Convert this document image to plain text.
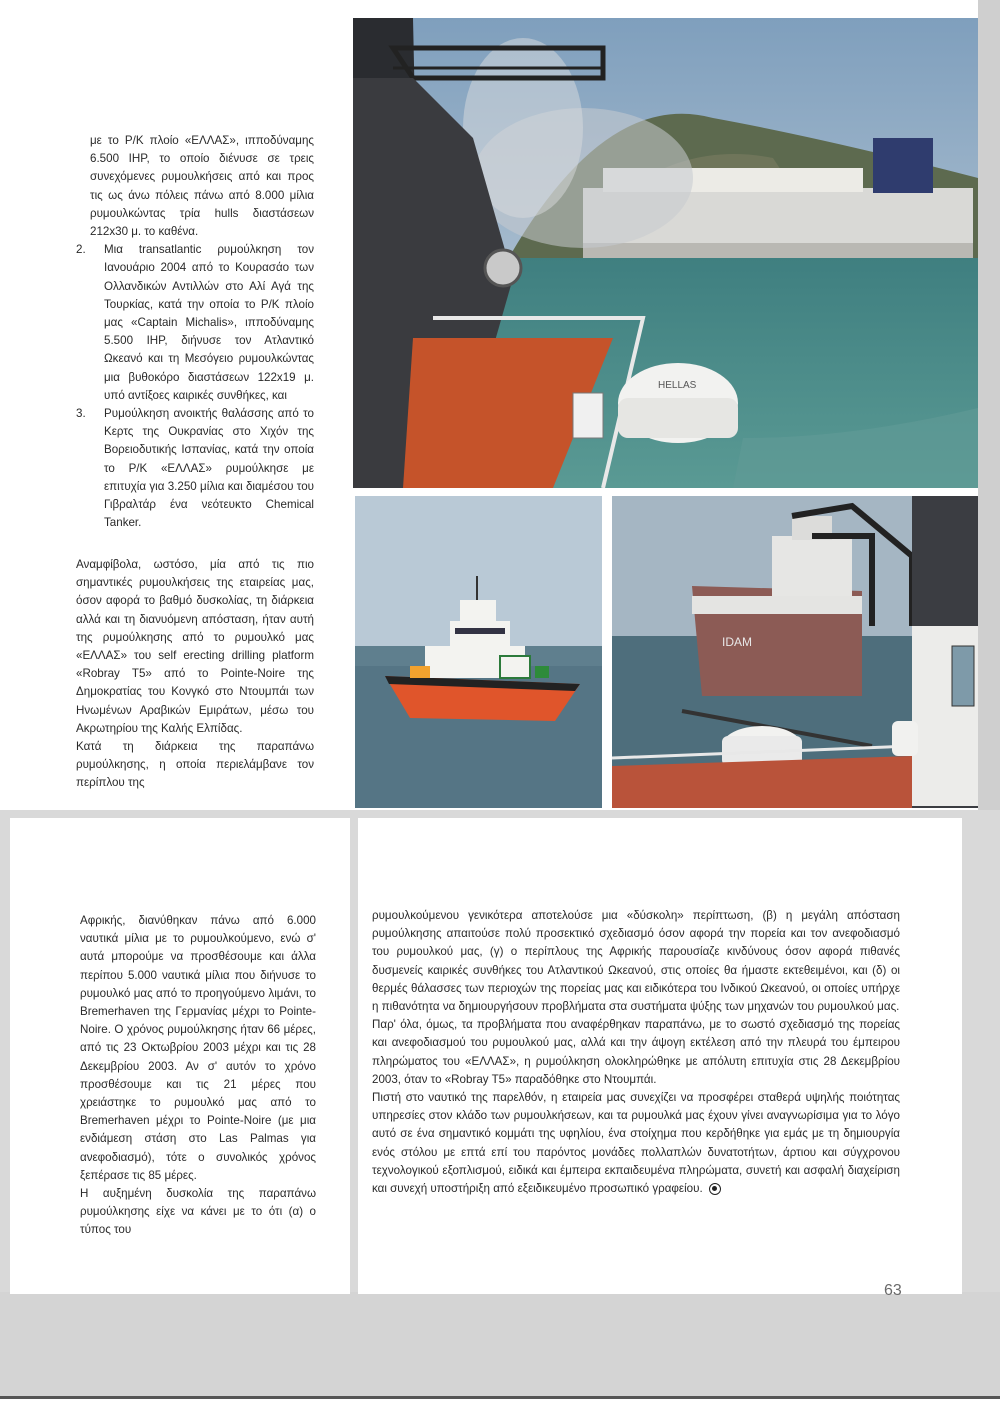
HELLAS
ΙDAM

με το Ρ/Κ πλοίο «ΕΛΛΑΣ», ιπποδύναμης 6.500 IHP, το οποίο διένυσε σε τρεις συνεχόμενες ρυμουλκήσεις από και προς τις ως άνω πόλεις πάνω από 8.000 μίλια ρυμουλκώντας τρία hulls διαστάσεων 212x30 μ. το καθένα.

2. Μια transatlantic ρυμούλκηση τον Ιανουάριο 2004 από το Κουρασάο των Ολλανδικών Αντιλλών στο Αλί Αγά της Τουρκίας, κατά την οποία το Ρ/Κ πλοίο μας «Captain Michalis», ιπποδύναμης 5.500 IHP, διήνυσε τον Ατλαντικό Ωκεανό και τη Μεσόγειο ρυμουλκώντας μια βυθοκόρο διαστάσεων 122x19 μ. υπό αντίξοες καιρικές συνθήκες, και
3. Ρυμούλκηση ανοικτής θαλάσσης από το Κερτς της Ουκρανίας στο Χιχόν της Βορειοδυτικής Ισπανίας, κατά την οποία το Ρ/Κ «ΕΛΛΑΣ» ρυμούλκησε με επιτυχία για 3.250 μίλια και διαμέσου του Γιβραλτάρ ένα νεότευκτο Chemical Tanker.

Αναμφίβολα, ωστόσο, μία από τις πιο σημαντικές ρυμουλκήσεις της εταιρείας μας, όσον αφορά το βαθμό δυσκολίας, τη διάρκεια αλλά και τη διανυόμενη απόσταση, ήταν αυτή της ρυμούλκησης από το ρυμουλκό μας «ΕΛΛΑΣ» του self erecting drilling platform «Robray T5» από το Pointe-Noire της Δημοκρατίας του Κονγκό στο Ντουμπάι των Ηνωμένων Αραβικών Εμιράτων, μέσω του Ακρωτηρίου της Καλής Ελπίδας.

Κατά τη διάρκεια της παραπάνω ρυμούλκησης, η οποία περιελάμβανε τον περίπλου της

Αφρικής, διανύθηκαν πάνω από 6.000 ναυτικά μίλια με το ρυμουλκούμενο, ενώ σ' αυτά μπορούμε να προσθέσουμε και άλλα περίπου 5.000 ναυτικά μίλια που διήνυσε το ρυμουλκό μας από το προηγούμενο λιμάνι, το Bremerhaven της Γερμανίας μέχρι το Pointe-Noire. Ο χρόνος ρυμούλκησης ήταν 66 μέρες, από τις 23 Οκτωβρίου 2003 μέχρι και τις 28 Δεκεμβρίου 2003. Αν σ' αυτόν το χρόνο προσθέσουμε και τις 21 μέρες που χρειάστηκε το ρυμουλκό μας από το Bremerhaven μέχρι το Pointe-Noire (με μια ενδιάμεση στάση στο Las Palmas για ανεφοδιασμό), τότε ο συνολικός χρόνος ξεπέρασε τις 85 μέρες.

Η αυξημένη δυσκολία της παραπάνω ρυμούλκησης είχε να κάνει με το ότι (α) ο τύπος του

ρυμουλκούμενου γενικότερα αποτελούσε μια «δύσκολη» περίπτωση, (β) η μεγάλη απόσταση ρυμούλκησης απαιτούσε πολύ προσεκτικό σχεδιασμό όσον αφορά την πορεία και τον ανεφοδιασμό του ρυμουλκού μας, (γ) ο περίπλους της Αφρικής παρουσίαζε κινδύνους όσον αφορά πιθανές δυσμενείς καιρικές συνθήκες του Ατλαντικού Ωκεανού, στις οποίες θα ήμαστε εκτεθειμένοι, και (δ) οι θερμές θάλασσες των περιοχών της πορείας μας και ειδικότερα του Ινδικού Ωκεανού, οι οποίες υπήρχε η πιθανότητα να δημιουργήσουν προβλήματα στα συστήματα ψύξης των μηχανών του ρυμουλκού μας.

Παρ' όλα, όμως, τα προβλήματα που αναφέρθηκαν παραπάνω, με το σωστό σχεδιασμό της πορείας και ανεφοδιασμού του ρυμουλκού μας, αλλά και την άψογη εκτέλεση από την πλευρά του έμπειρου πληρώματος του «ΕΛΛΑΣ», η ρυμούλκηση ολοκληρώθηκε με απόλυτη επιτυχία στις 28 Δεκεμβρίου 2003, όταν το «Robray T5» παραδόθηκε στο Ντουμπάι.

Πιστή στο ναυτικό της παρελθόν, η εταιρεία μας συνεχίζει να προσφέρει σταθερά υψηλής ποιότητας υπηρεσίες στον κλάδο των ρυμουλκήσεων, και τα ρυμουλκά μας έχουν γίνει αναγνωρίσιμα για το λόγο αυτό σε ένα σημαντικό κομμάτι της υφηλίου, ένα στοίχημα που κερδήθηκε για εμάς με τη δημιουργία ενός στόλου με επτά επί του παρόντος μονάδες πολλαπλών δυνατοτήτων, άρτιου και σύγχρονου τεχνολογικού εξοπλισμού, ειδικά και έμπειρα εκπαιδευμένα πληρώματα, συνετή και ασφαλή διαχείριση και συνεχή υποστήριξη από εξειδικευμένο προσωπικό γραφείου.

63
